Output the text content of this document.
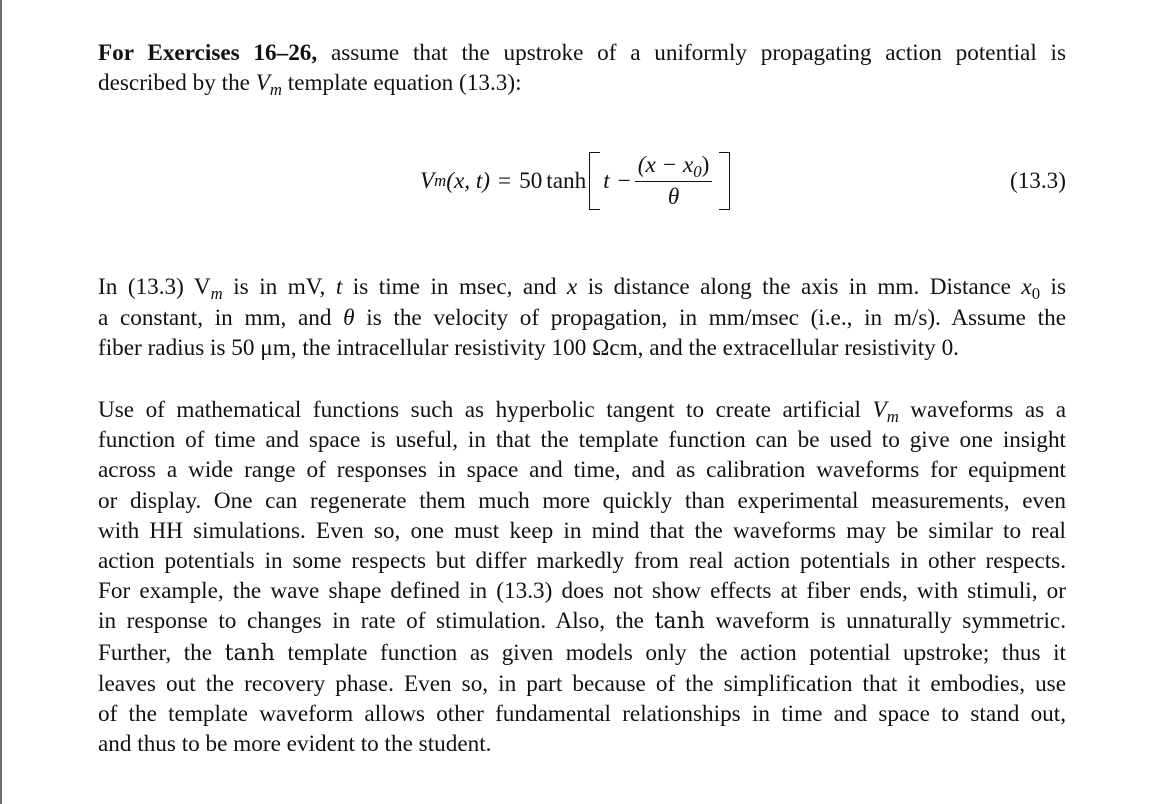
For Exercises 16–26, assume that the upstroke of a uniformly propagating action potential is
described by the $V_m$ template equation (13.3):

V m (x, t) = 50 $\tanh t - \frac{(x - x_0)}{\theta}$	(13.3)

In (13.3) $V_m$ is in mV, t is time in msec, and x is distance along the axis in mm. Distance $x_0$ is
a constant, in mm, and θ is the velocity of propagation, in mm/msec (i.e., in m/s). Assume the
fiber radius is 50 μm, the intracellular resistivity 100 Ωcm, and the extracellular resistivity 0.

Use of mathematical functions such as hyperbolic tangent to create artificial $V_m$ waveforms as a
function of time and space is useful, in that the template function can be used to give one insight
across a wide range of responses in space and time, and as calibration waveforms for equipment
or display. One can regenerate them much more quickly than experimental measurements, even
with HH simulations. Even so, one must keep in mind that the waveforms may be similar to real
action potentials in some respects but differ markedly from real action potentials in other respects.
For example, the wave shape defined in (13.3) does not show effects at fiber ends, with stimuli, or
in response to changes in rate of stimulation. Also, the tanh waveform is unnaturally symmetric.
Further, the tanh template function as given models only the action potential upstroke; thus it
leaves out the recovery phase. Even so, in part because of the simplification that it embodies, use
of the template waveform allows other fundamental relationships in time and space to stand out,
and thus to be more evident to the student.
